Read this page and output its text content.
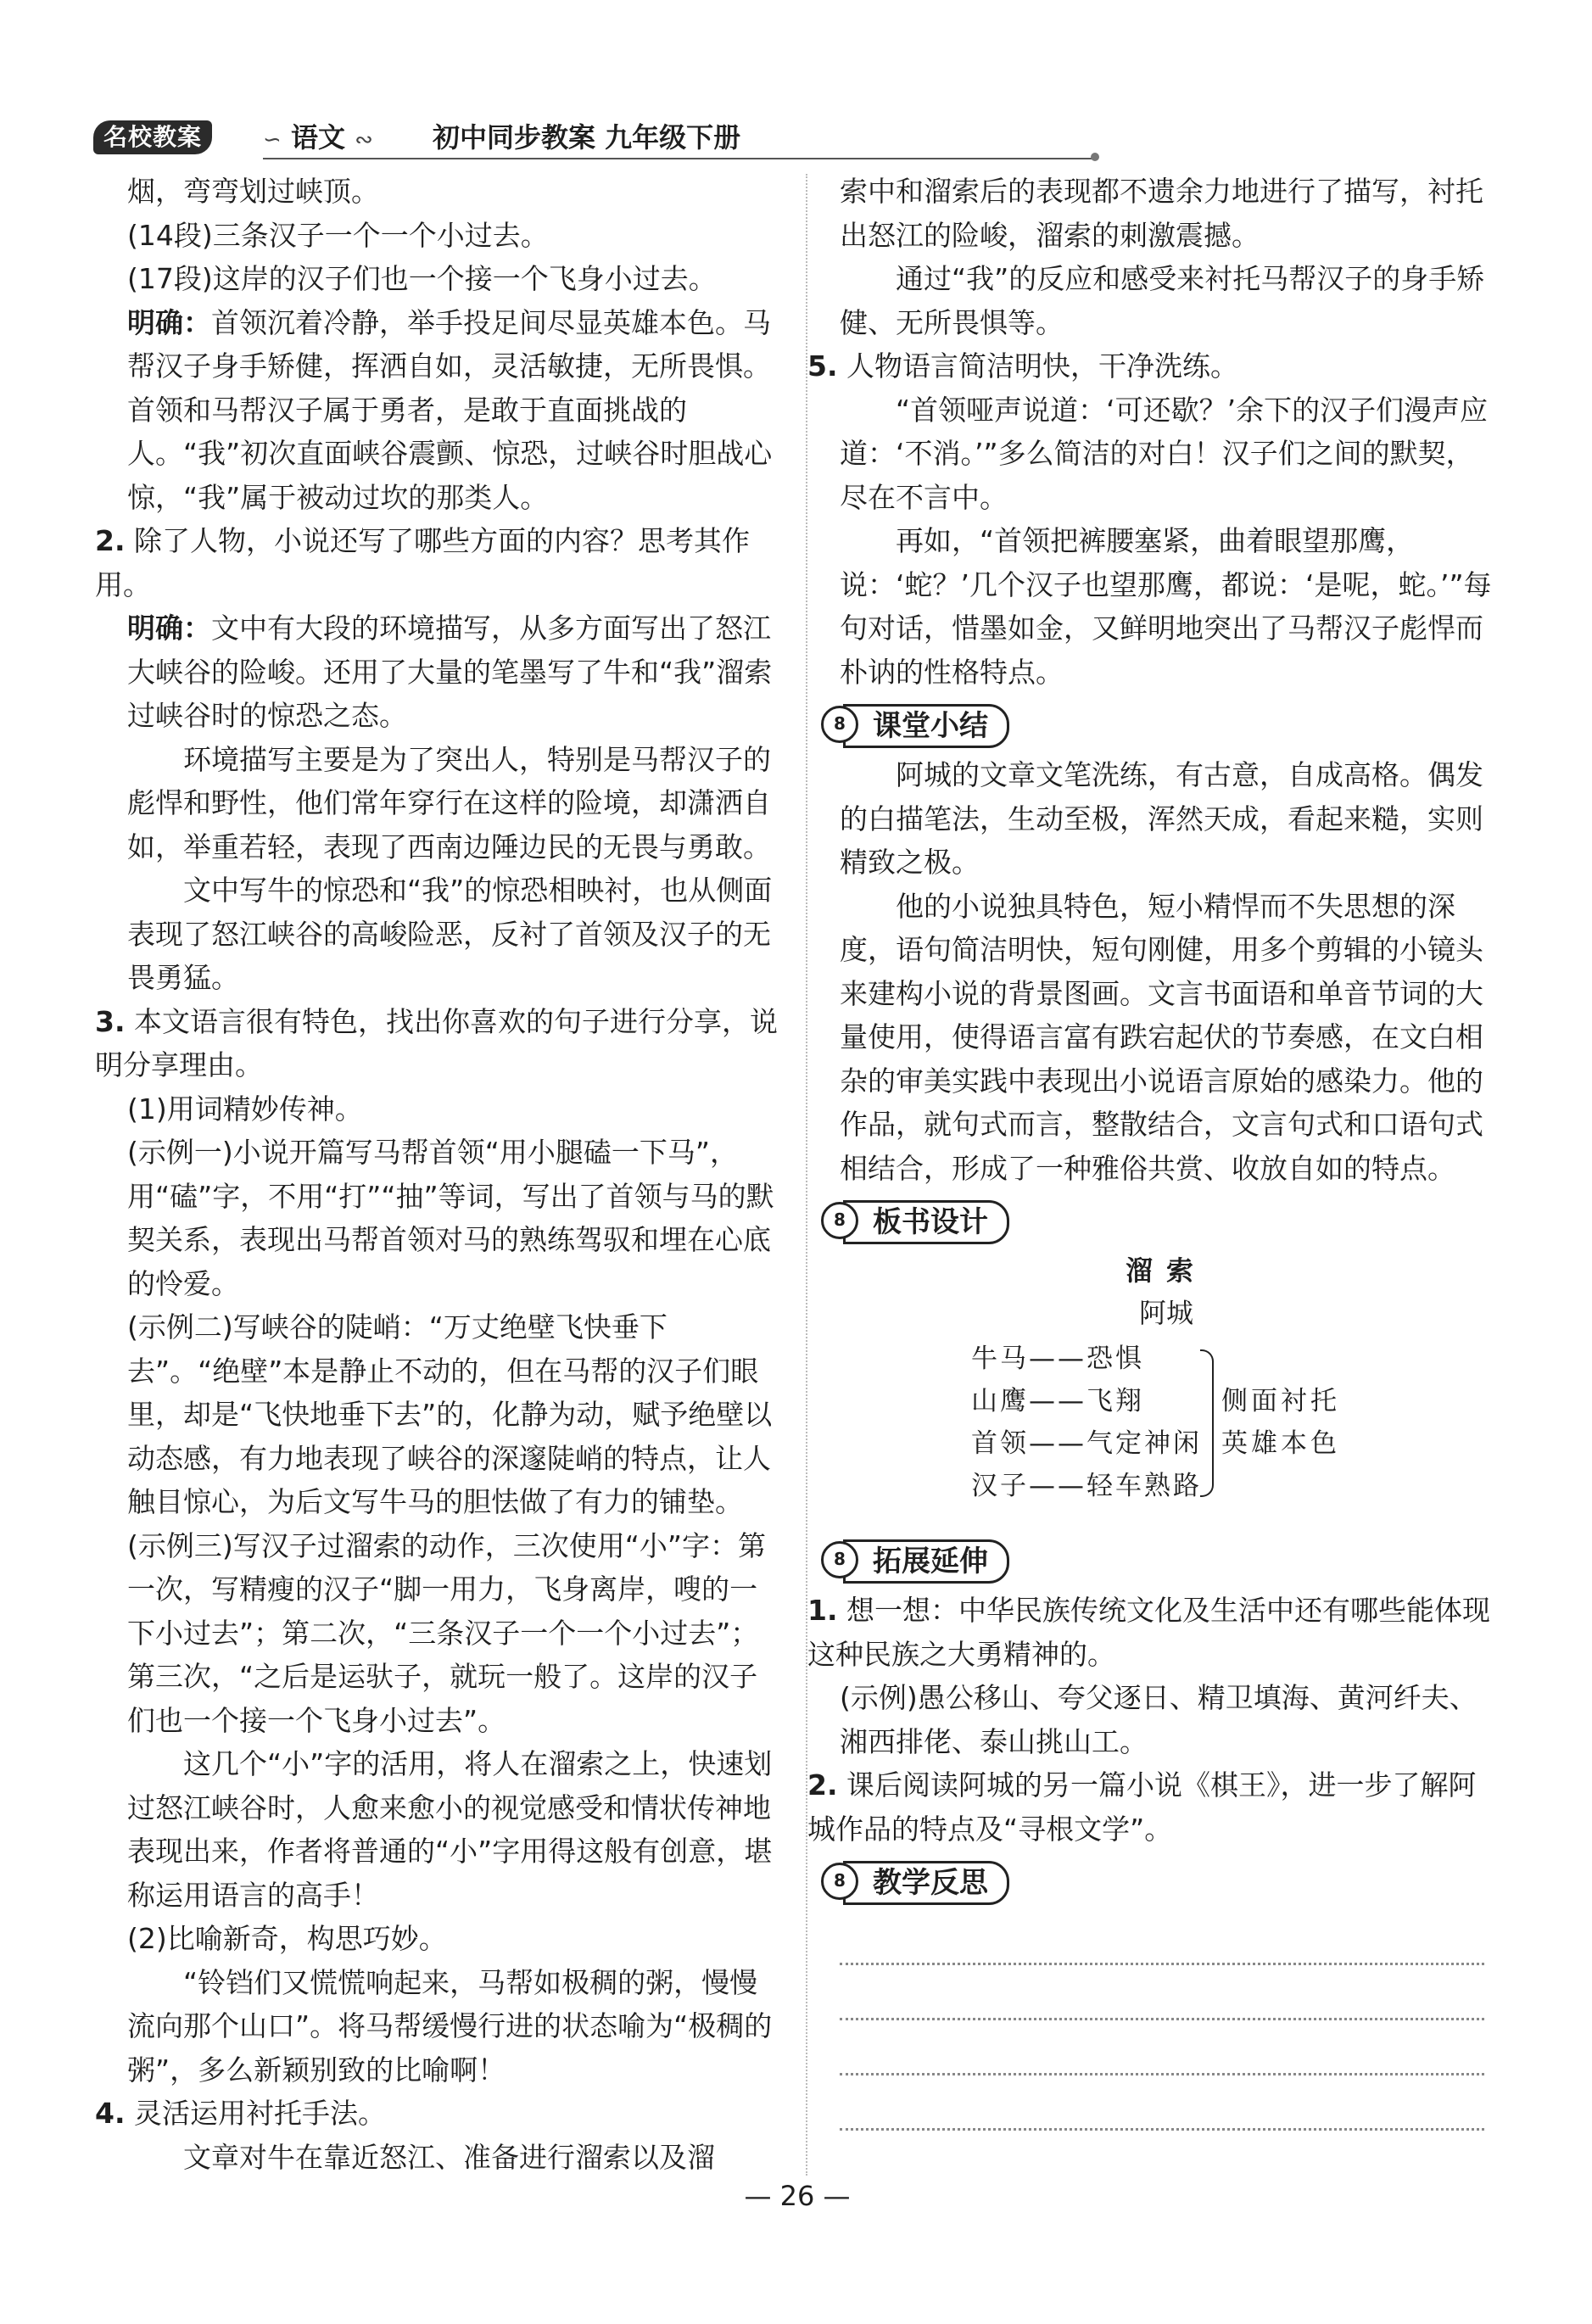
名校教案	∽ 语文 ∾ 初中同步教案 九年级下册

烟，弯弯划过峡顶。

(14段)三条汉子一个一个小过去。

(17段)这岸的汉子们也一个接一个飞身小过去。

明确：首领沉着冷静，举手投足间尽显英雄本色。马帮汉子身手矫健，挥洒自如，灵活敏捷，无所畏惧。首领和马帮汉子属于勇者，是敢于直面挑战的人。“我”初次直面峡谷震颤、惊恐，过峡谷时胆战心惊，“我”属于被动过坎的那类人。

2. 除了人物，小说还写了哪些方面的内容？思考其作用。

明确：文中有大段的环境描写，从多方面写出了怒江大峡谷的险峻。还用了大量的笔墨写了牛和“我”溜索过峡谷时的惊恐之态。

环境描写主要是为了突出人，特别是马帮汉子的彪悍和野性，他们常年穿行在这样的险境，却潇洒自如，举重若轻，表现了西南边陲边民的无畏与勇敢。

文中写牛的惊恐和“我”的惊恐相映衬，也从侧面表现了怒江峡谷的高峻险恶，反衬了首领及汉子的无畏勇猛。

3. 本文语言很有特色，找出你喜欢的句子进行分享，说明分享理由。

(1)用词精妙传神。

(示例一)小说开篇写马帮首领“用小腿磕一下马”，用“磕”字，不用“打”“抽”等词，写出了首领与马的默契关系，表现出马帮首领对马的熟练驾驭和埋在心底的怜爱。

(示例二)写峡谷的陡峭：“万丈绝壁飞快垂下去”。“绝壁”本是静止不动的，但在马帮的汉子们眼里，却是“飞快地垂下去”的，化静为动，赋予绝壁以动态感，有力地表现了峡谷的深邃陡峭的特点，让人触目惊心，为后文写牛马的胆怯做了有力的铺垫。

(示例三)写汉子过溜索的动作，三次使用“小”字：第一次，写精瘦的汉子“脚一用力，飞身离岸，嗖的一下小过去”；第二次，“三条汉子一个一个小过去”；第三次，“之后是运驮子，就玩一般了。这岸的汉子们也一个接一个飞身小过去”。

这几个“小”字的活用，将人在溜索之上，快速划过怒江峡谷时，人愈来愈小的视觉感受和情状传神地表现出来，作者将普通的“小”字用得这般有创意，堪称运用语言的高手！

(2)比喻新奇，构思巧妙。

“铃铛们又慌慌响起来，马帮如极稠的粥，慢慢流向那个山口”。将马帮缓慢行进的状态喻为“极稠的粥”，多么新颖别致的比喻啊！

4. 灵活运用衬托手法。

文章对牛在靠近怒江、准备进行溜索以及溜

索中和溜索后的表现都不遗余力地进行了描写，衬托出怒江的险峻，溜索的刺激震撼。

通过“我”的反应和感受来衬托马帮汉子的身手矫健、无所畏惧等。

5. 人物语言简洁明快，干净洗练。

“首领哑声说道：‘可还歇？’余下的汉子们漫声应道：‘不消。’”多么简洁的对白！汉子们之间的默契，尽在不言中。

再如，“首领把裤腰塞紧，曲着眼望那鹰，说：‘蛇？’几个汉子也望那鹰，都说：‘是呢，蛇。’”每句对话，惜墨如金，又鲜明地突出了马帮汉子彪悍而朴讷的性格特点。

8 课堂小结

阿城的文章文笔洗练，有古意，自成高格。偶发的白描笔法，生动至极，浑然天成，看起来糙，实则精致之极。

他的小说独具特色，短小精悍而不失思想的深度，语句简洁明快，短句刚健，用多个剪辑的小镜头来建构小说的背景图画。文言书面语和单音节词的大量使用，使得语言富有跌宕起伏的节奏感，在文白相杂的审美实践中表现出小说语言原始的感染力。他的作品，就句式而言，整散结合，文言句式和口语句式相结合，形成了一种雅俗共赏、收放自如的特点。

8 板书设计
溜索
阿城
牛马——恐惧
山鹰——飞翔
首领——气定神闲
汉子——轻车熟路
侧面衬托
英雄本色
8 拓展延伸

1. 想一想：中华民族传统文化及生活中还有哪些能体现这种民族之大勇精神的。

(示例)愚公移山、夸父逐日、精卫填海、黄河纤夫、湘西排佬、泰山挑山工。

2. 课后阅读阿城的另一篇小说《棋王》，进一步了解阿城作品的特点及“寻根文学”。

8 教学反思
— 26 —
